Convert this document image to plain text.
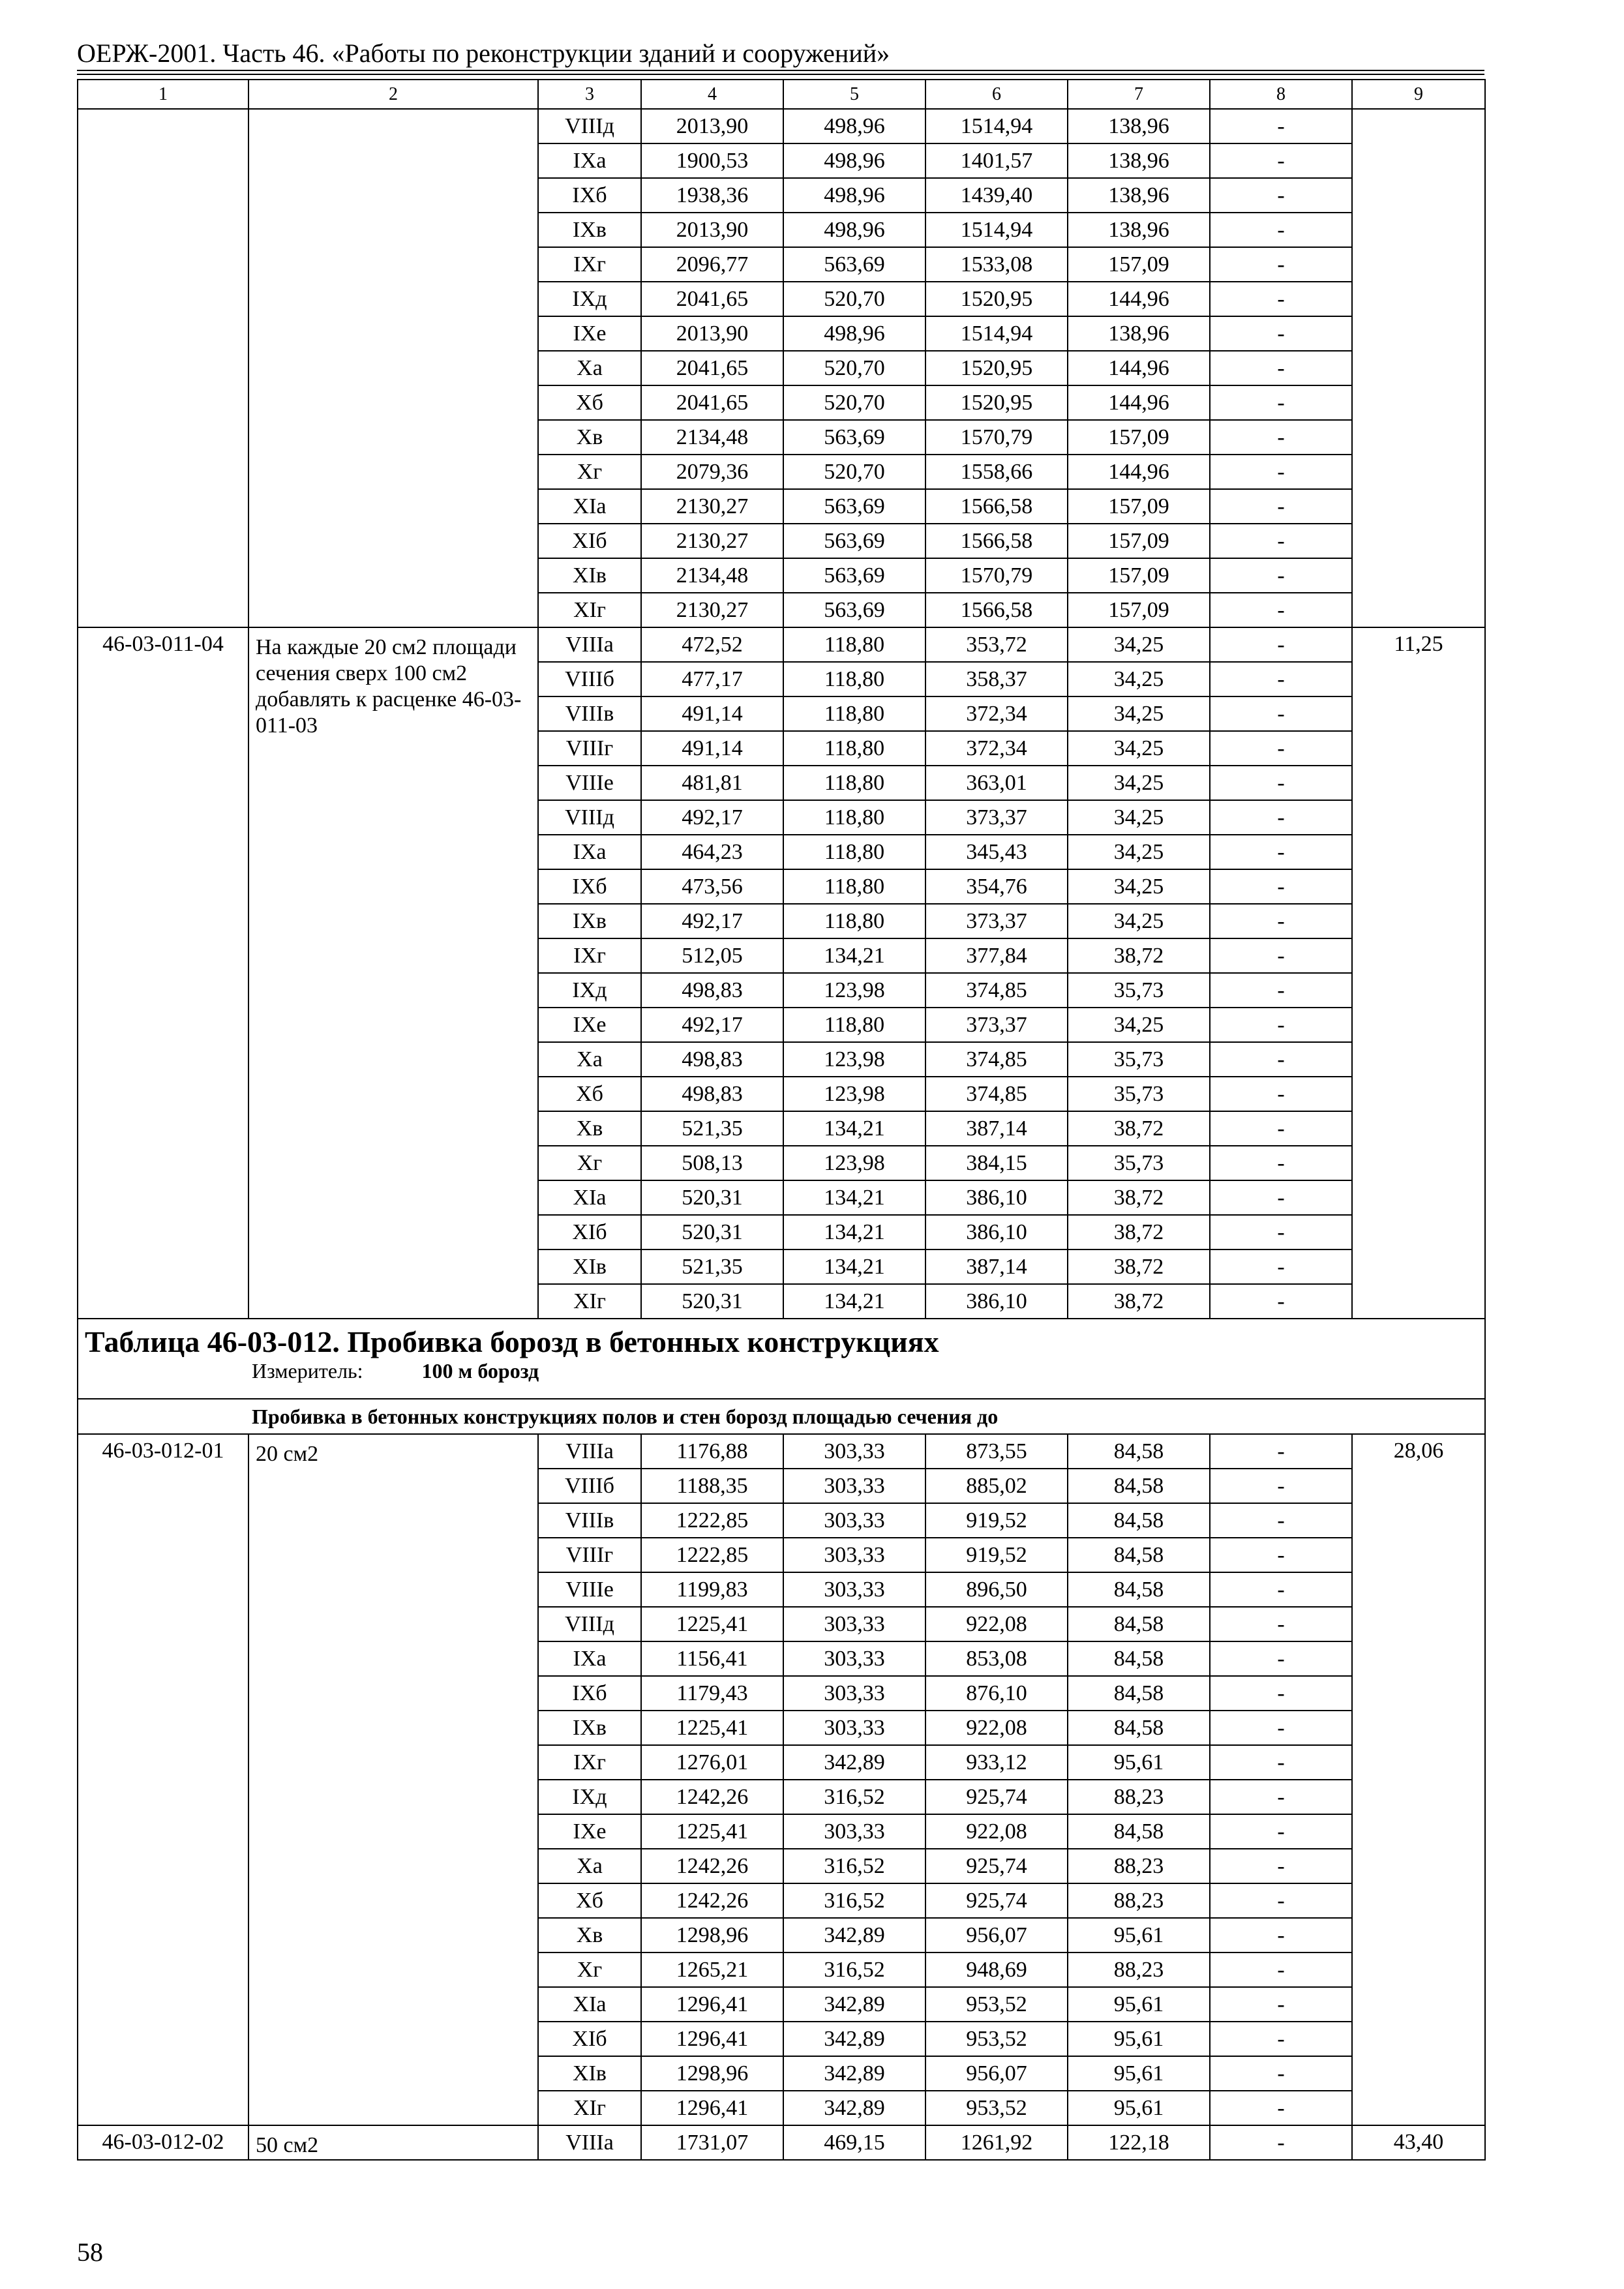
ОЕРЖ-2001. Часть 46. «Работы по реконструкции зданий и сооружений»
1	2	3	4	5	6	7	8	9
		VIIIд	2013,90	498,96	1514,94	138,96	-	
		IXа	1900,53	498,96	1401,57	138,96	-	
		IXб	1938,36	498,96	1439,40	138,96	-	
		IXв	2013,90	498,96	1514,94	138,96	-	
		IXг	2096,77	563,69	1533,08	157,09	-	
		IXд	2041,65	520,70	1520,95	144,96	-	
		IXе	2013,90	498,96	1514,94	138,96	-	
		Xа	2041,65	520,70	1520,95	144,96	-	
		Xб	2041,65	520,70	1520,95	144,96	-	
		Xв	2134,48	563,69	1570,79	157,09	-	
		Xг	2079,36	520,70	1558,66	144,96	-	
		XIа	2130,27	563,69	1566,58	157,09	-	
		XIб	2130,27	563,69	1566,58	157,09	-	
		XIв	2134,48	563,69	1570,79	157,09	-	
		XIг	2130,27	563,69	1566,58	157,09	-	
46-03-011-04	На каждые 20 см2 площади сечения сверх 100 см2 добавлять к расценке 46-03-011-03	VIIIа	472,52	118,80	353,72	34,25	-	11,25
		VIIIб	477,17	118,80	358,37	34,25	-	
		VIIIв	491,14	118,80	372,34	34,25	-	
		VIIIг	491,14	118,80	372,34	34,25	-	
		VIIIе	481,81	118,80	363,01	34,25	-	
		VIIIд	492,17	118,80	373,37	34,25	-	
		IXа	464,23	118,80	345,43	34,25	-	
		IXб	473,56	118,80	354,76	34,25	-	
		IXв	492,17	118,80	373,37	34,25	-	
		IXг	512,05	134,21	377,84	38,72	-	
		IXд	498,83	123,98	374,85	35,73	-	
		IXе	492,17	118,80	373,37	34,25	-	
		Xа	498,83	123,98	374,85	35,73	-	
		Xб	498,83	123,98	374,85	35,73	-	
		Xв	521,35	134,21	387,14	38,72	-	
		Xг	508,13	123,98	384,15	35,73	-	
		XIа	520,31	134,21	386,10	38,72	-	
		XIб	520,31	134,21	386,10	38,72	-	
		XIв	521,35	134,21	387,14	38,72	-	
		XIг	520,31	134,21	386,10	38,72	-	

Таблица 46-03-012. Пробивка борозд в бетонных конструкциях
Измеритель: 100 м борозд								

Пробивка в бетонных конструкциях полов и стен борозд площадью сечения до								
46-03-012-01	20 см2	VIIIа	1176,88	303,33	873,55	84,58	-	28,06
		VIIIб	1188,35	303,33	885,02	84,58	-	
		VIIIв	1222,85	303,33	919,52	84,58	-	
		VIIIг	1222,85	303,33	919,52	84,58	-	
		VIIIе	1199,83	303,33	896,50	84,58	-	
		VIIIд	1225,41	303,33	922,08	84,58	-	
		IXа	1156,41	303,33	853,08	84,58	-	
		IXб	1179,43	303,33	876,10	84,58	-	
		IXв	1225,41	303,33	922,08	84,58	-	
		IXг	1276,01	342,89	933,12	95,61	-	
		IXд	1242,26	316,52	925,74	88,23	-	
		IXе	1225,41	303,33	922,08	84,58	-	
		Xа	1242,26	316,52	925,74	88,23	-	
		Xб	1242,26	316,52	925,74	88,23	-	
		Xв	1298,96	342,89	956,07	95,61	-	
		Xг	1265,21	316,52	948,69	88,23	-	
		XIа	1296,41	342,89	953,52	95,61	-	
		XIб	1296,41	342,89	953,52	95,61	-	
		XIв	1298,96	342,89	956,07	95,61	-	
		XIг	1296,41	342,89	953,52	95,61	-	
46-03-012-02	50 см2	VIIIа	1731,07	469,15	1261,92	122,18	-	43,40
58
